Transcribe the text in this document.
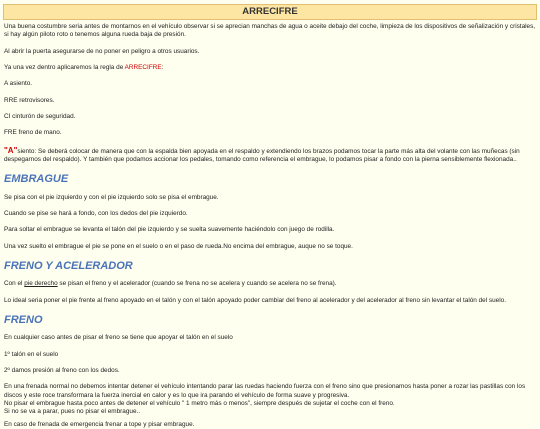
ARRECIFRE

Una buena costumbre seria antes de montarnos en el vehículo observar si se aprecian manchas de agua o aceite debajo del coche, limpieza de los dispositivos de señalización y cristales, si hay algún piloto roto o tenemos alguna rueda baja de presión.

Al abrir la puerta asegurarse de no poner en peligro a otros usuarios.

Ya una vez dentro aplicaremos la regla de ARRECIFRE:

A asiento.

RRE retrovisores.

CI cinturón de seguridad.

FRE freno de mano.

"A"siento: Se deberá colocar de manera que con la espalda bien apoyada en el respaldo y extendiendo los brazos podamos tocar la parte más alta del volante con las muñecas (sin despegarnos del respaldo). Y también que podamos accionar los pedales, tomando como referencia el embrague, lo podamos pisar a fondo con la pierna sensiblemente flexionada..

EMBRAGUE

Se pisa con el pie izquierdo y con el pie izquierdo solo se pisa el embrague.

Cuando se pise se hará a fondo, con los dedos del pie izquierdo.

Para soltar el embrague se levanta el talón del pie izquierdo y se suelta suavemente haciéndolo con juego de rodilla.

Una vez suelto el embrague el pie se pone en el suelo o en el paso de rueda.No encima del embrague, auque no se toque.

FRENO Y ACELERADOR

Con el pie derecho se pisan el freno y el acelerador (cuando se frena no se acelera y cuando se acelera no se frena).

Lo ideal seria poner el pie frente al freno apoyado en el talón y con el talón apoyado poder cambiar del freno al acelerador y del acelerador al freno sin levantar el talón del suelo.

FRENO

En cualquier caso antes de pisar el freno se tiene que apoyar el talón en el suelo

1º talón en el suelo

2º damos presión al freno con los dedos.

En una frenada normal no debemos intentar detener el vehículo intentando parar las ruedas haciendo fuerza con el freno sino que presionamos hasta poner a rozar las pastillas con los discos y este roce transformara la fuerza inercial en calor y es lo que ira parando el vehículo de forma suave y progresiva.
No pisar el embrague hasta poco antes de detener el vehículo " 1 metro más o menos", siempre después de sujetar el coche con el freno.
Si no se va a parar, pues no pisar el embrague..

En caso de frenada de emergencia frenar a tope y pisar embrague.
